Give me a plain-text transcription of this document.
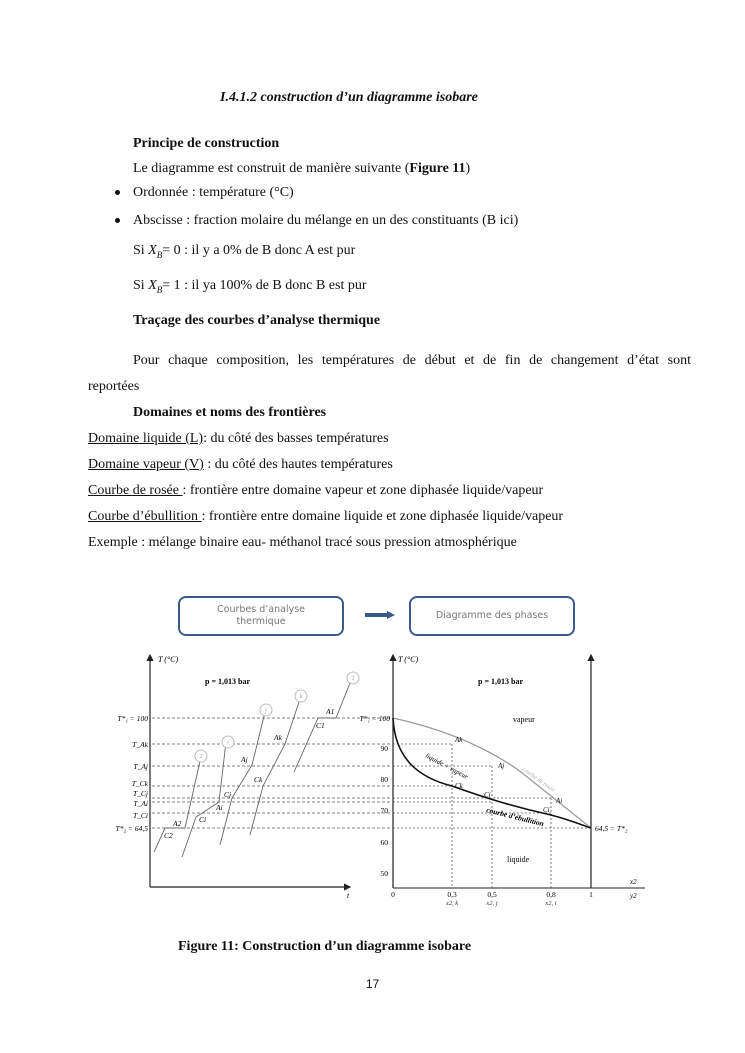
I.4.1.2 construction d’un diagramme isobare
Principe de construction
Le diagramme est construit de manière suivante (Figure 11)
Ordonnée : température (°C)
Abscisse : fraction molaire du mélange en un des constituants (B ici)
Si $X_B= 0$ : il y a 0% de B donc A est pur
Si $X_B= 1$ : il ya 100% de B donc B est pur
Traçage des courbes d’analyse thermique
Pour chaque composition, les températures de début et de fin de changement d’état sont
reportées
Domaines et noms des frontières
Domaine liquide (L): du côté des basses températures
Domaine vapeur (V) : du côté des hautes températures
Courbe de rosée : frontière entre domaine vapeur et zone diphasée liquide/vapeur
Courbe d’ébullition : frontière entre domaine liquide et zone diphasée liquide/vapeur
Exemple : mélange binaire eau- méthanol tracé sous pression atmosphérique
Courbes d’analyse
thermique
Diagramme des phases
T (°C)
t
p = 1,013 bar
T*₁ = 100
T_Ak
T_Aj
T_Ck
T_Cj
T_Ai
T_Ci
T*₂ = 64,5
2
i
j
k
1
A1
C1
Ak
Ck
Aj
Cj
Ai
Ci
A2
C2
T (°C)
p = 1,013 bar
90
80
70
60
50
0	0,3	0,5	0,8	1
x2, k	x2, j	x2, i
x2
y2
T*₁ = 100
64,5 = T*₂
vapeur
liquide + vapeur
liquide
courbe de rosée
courbe d’ébullition
Ak
Aj
Ai
Ck
Cj
Ci
Figure 11: Construction d’un diagramme isobare
17
